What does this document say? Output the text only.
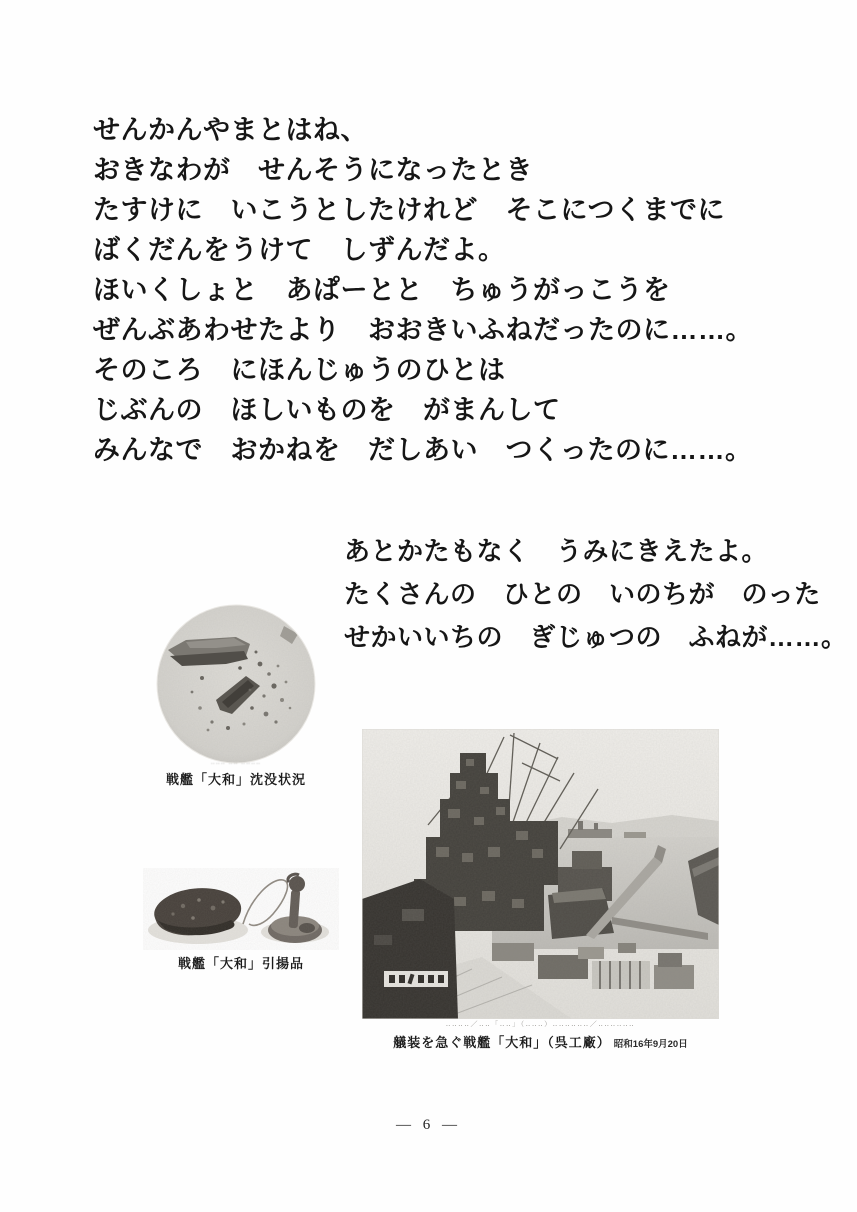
せんかんやまとはね、
おきなわが　せんそうになったとき
たすけに　いこうとしたけれど　そこにつくまでに
ばくだんをうけて　しずんだよ。
ほいくしょと　あぱーとと　ちゅうがっこうを
ぜんぶあわせたより　おおきいふねだったのに……。
そのころ　にほんじゅうのひとは
じぶんの　ほしいものを　がまんして
みんなで　おかねを　だしあい　つくったのに……。
あとかたもなく　うみにきえたよ。
たくさんの　ひとの　いのちが　のった
せかいいちの　ぎじゅつの　ふねが……。
‥‥‥ ‥‥ ‥‥‥‥
戦艦「大和」沈没状況
戦艦「大和」引揚品
‥‥‥‥／‥‥「‥‥」（‥‥‥）‥‥‥‥‥‥／‥‥‥‥‥‥
艤装を急ぐ戦艦「大和」（呉工廠） 昭和16年9月20日
— 6 —
